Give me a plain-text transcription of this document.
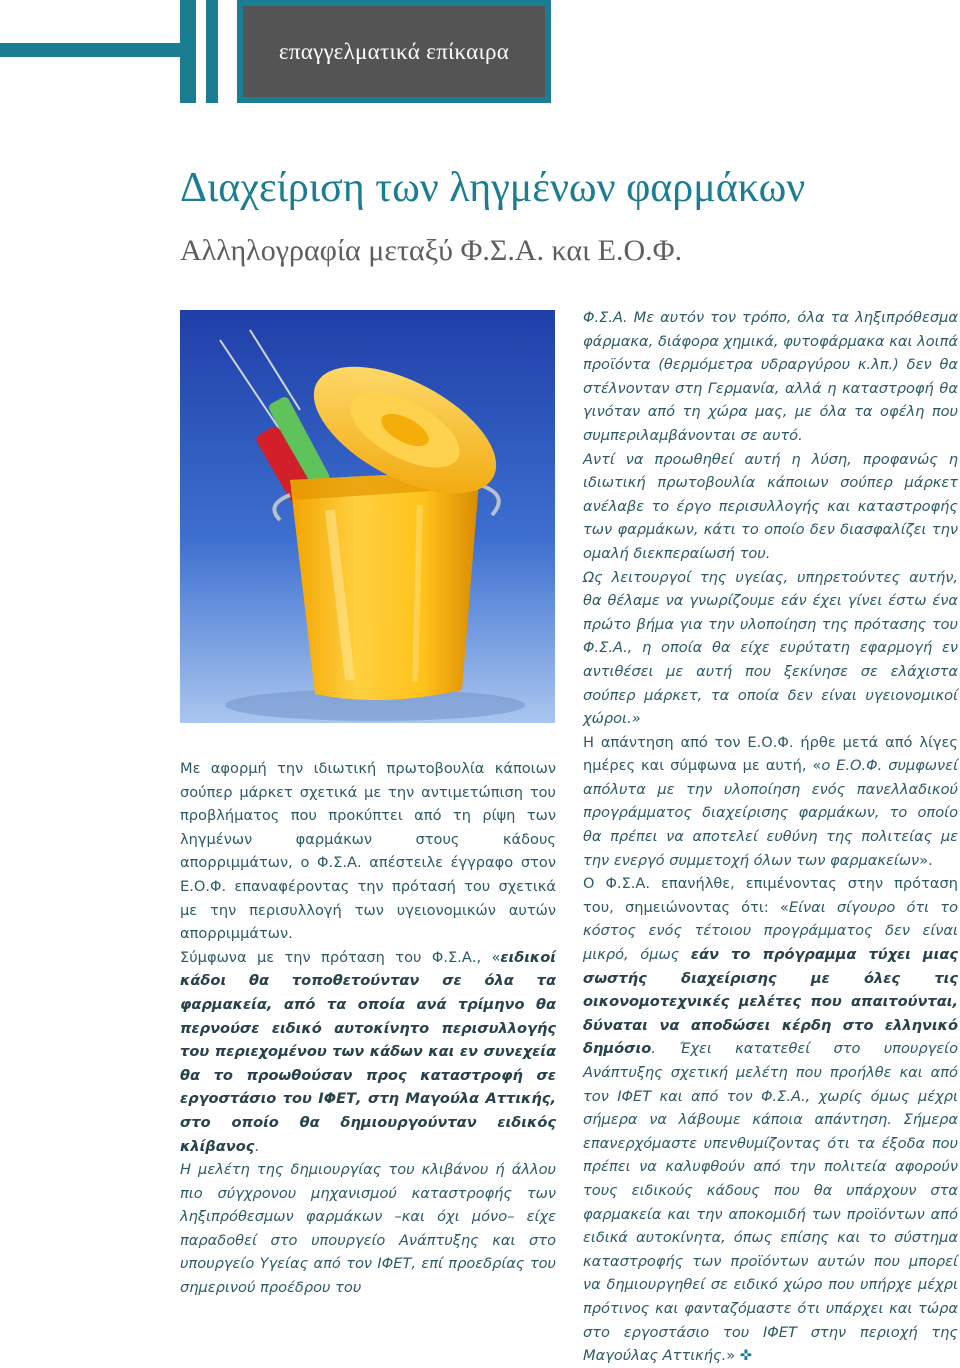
επαγγελματικά επίκαιρα
Διαχείριση των ληγμένων φαρμάκων
Αλληλογραφία μεταξύ Φ.Σ.Α. και Ε.Ο.Φ.

Με αφορμή την ιδιωτική πρωτοβουλία κάποιων σούπερ μάρκετ σχετικά με την αντιμετώπιση του προβλήματος που προκύπτει από τη ρίψη των ληγμένων φαρμάκων στους κάδους απορριμμάτων, ο Φ.Σ.Α. απέστειλε έγγραφο στον Ε.Ο.Φ. επαναφέροντας την πρότασή του σχετικά με την περισυλλογή των υγειονομικών αυτών απορριμμάτων.

Σύμφωνα με την πρόταση του Φ.Σ.Α., «ειδικοί κάδοι θα τοποθετούνταν σε όλα τα φαρμακεία, από τα οποία ανά τρίμηνο θα περνούσε ειδικό αυτοκίνητο περισυλλογής του περιεχομένου των κάδων και εν συνεχεία θα το προωθούσαν προς καταστροφή σε εργοστάσιο του ΙΦΕΤ, στη Μαγούλα Αττικής, στο οποίο θα δημιουργούνταν ειδικός κλίβανος.

Η μελέτη της δημιουργίας του κλιβάνου ή άλλου πιο σύγχρονου μηχανισμού καταστροφής των ληξιπρόθεσμων φαρμάκων –και όχι μόνο– είχε παραδοθεί στο υπουργείο Ανάπτυξης και στο υπουργείο Υγείας από τον ΙΦΕΤ, επί προεδρίας του σημερινού προέδρου του

Φ.Σ.Α. Με αυτόν τον τρόπο, όλα τα ληξιπρόθεσμα φάρμακα, διάφορα χημικά, φυτοφάρμακα και λοιπά προϊόντα (θερμόμετρα υδραργύρου κ.λπ.) δεν θα στέλνονταν στη Γερμανία, αλλά η καταστροφή θα γινόταν από τη χώρα μας, με όλα τα οφέλη που συμπεριλαμβάνονται σε αυτό.

Αντί να προωθηθεί αυτή η λύση, προφανώς η ιδιωτική πρωτοβουλία κάποιων σούπερ μάρκετ ανέλαβε το έργο περισυλλογής και καταστροφής των φαρμάκων, κάτι το οποίο δεν διασφαλίζει την ομαλή διεκπεραίωσή του.

Ως λειτουργοί της υγείας, υπηρετούντες αυτήν, θα θέλαμε να γνωρίζουμε εάν έχει γίνει έστω ένα πρώτο βήμα για την υλοποίηση της πρότασης του Φ.Σ.Α., η οποία θα είχε ευρύτατη εφαρμογή εν αντιθέσει με αυτή που ξεκίνησε σε ελάχιστα σούπερ μάρκετ, τα οποία δεν είναι υγειονομικοί χώροι.»

Η απάντηση από τον Ε.Ο.Φ. ήρθε μετά από λίγες ημέρες και σύμφωνα με αυτή, «ο Ε.Ο.Φ. συμφωνεί απόλυτα με την υλοποίηση ενός πανελλαδικού προγράμματος διαχείρισης φαρμάκων, το οποίο θα πρέπει να αποτελεί ευθύνη της πολιτείας με την ενεργό συμμετοχή όλων των φαρμακείων».

Ο Φ.Σ.Α. επανήλθε, επιμένοντας στην πρόταση του, σημειώνοντας ότι: «Είναι σίγουρο ότι το κόστος ενός τέτοιου προγράμματος δεν είναι μικρό, όμως εάν το πρόγραμμα τύχει μιας σωστής διαχείρισης με όλες τις οικονομοτεχνικές μελέτες που απαιτούνται, δύναται να αποδώσει κέρδη στο ελληνικό δημόσιο. Έχει κατατεθεί στο υπουργείο Ανάπτυξης σχετική μελέτη που προήλθε και από τον ΙΦΕΤ και από τον Φ.Σ.Α., χωρίς όμως μέχρι σήμερα να λάβουμε κάποια απάντηση. Σήμερα επανερχόμαστε υπενθυμίζοντας ότι τα έξοδα που πρέπει να καλυφθούν από την πολιτεία αφορούν τους ειδικούς κάδους που θα υπάρχουν στα φαρμακεία και την αποκομιδή των προϊόντων από ειδικά αυτοκίνητα, όπως επίσης και το σύστημα καταστροφής των προϊόντων αυτών που μπορεί να δημιουργηθεί σε ειδικό χώρο που υπήρχε μέχρι πρότινος και φανταζόμαστε ότι υπάρχει και τώρα στο εργοστάσιο του ΙΦΕΤ στην περιοχή της Μαγούλας Αττικής.» ✜
